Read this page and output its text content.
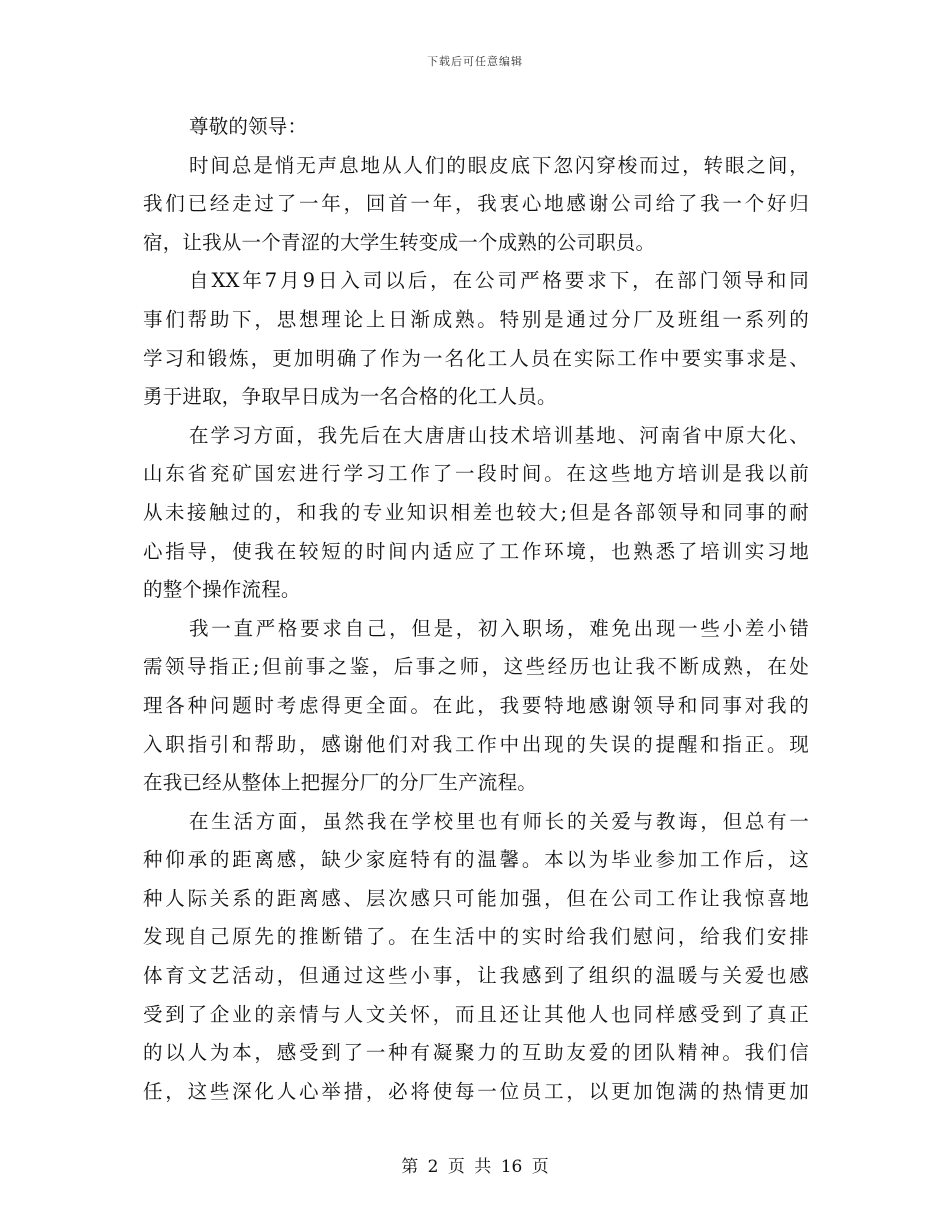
下载后可任意编辑
尊敬的领导：
时间总是悄无声息地从人们的眼皮底下忽闪穿梭而过，转眼之间，
我们已经走过了一年，回首一年，我衷心地感谢公司给了我一个好归
宿，让我从一个青涩的大学生转变成一个成熟的公司职员。
自XX年7月9日入司以后，在公司严格要求下，在部门领导和同
事们帮助下，思想理论上日渐成熟。特别是通过分厂及班组一系列的
学习和锻炼，更加明确了作为一名化工人员在实际工作中要实事求是、
勇于进取，争取早日成为一名合格的化工人员。
在学习方面，我先后在大唐唐山技术培训基地、河南省中原大化、
山东省兖矿国宏进行学习工作了一段时间。在这些地方培训是我以前
从未接触过的，和我的专业知识相差也较大;但是各部领导和同事的耐
心指导，使我在较短的时间内适应了工作环境，也熟悉了培训实习地
的整个操作流程。
我一直严格要求自己，但是，初入职场，难免出现一些小差小错
需领导指正;但前事之鉴，后事之师，这些经历也让我不断成熟，在处
理各种问题时考虑得更全面。在此，我要特地感谢领导和同事对我的
入职指引和帮助，感谢他们对我工作中出现的失误的提醒和指正。现
在我已经从整体上把握分厂的分厂生产流程。
在生活方面，虽然我在学校里也有师长的关爱与教诲，但总有一
种仰承的距离感，缺少家庭特有的温馨。本以为毕业参加工作后，这
种人际关系的距离感、层次感只可能加强，但在公司工作让我惊喜地
发现自己原先的推断错了。在生活中的实时给我们慰问，给我们安排
体育文艺活动，但通过这些小事，让我感到了组织的温暖与关爱也感
受到了企业的亲情与人文关怀，而且还让其他人也同样感受到了真正
的以人为本，感受到了一种有凝聚力的互助友爱的团队精神。我们信
任，这些深化人心举措，必将使每一位员工，以更加饱满的热情更加
第 2 页 共 16 页
